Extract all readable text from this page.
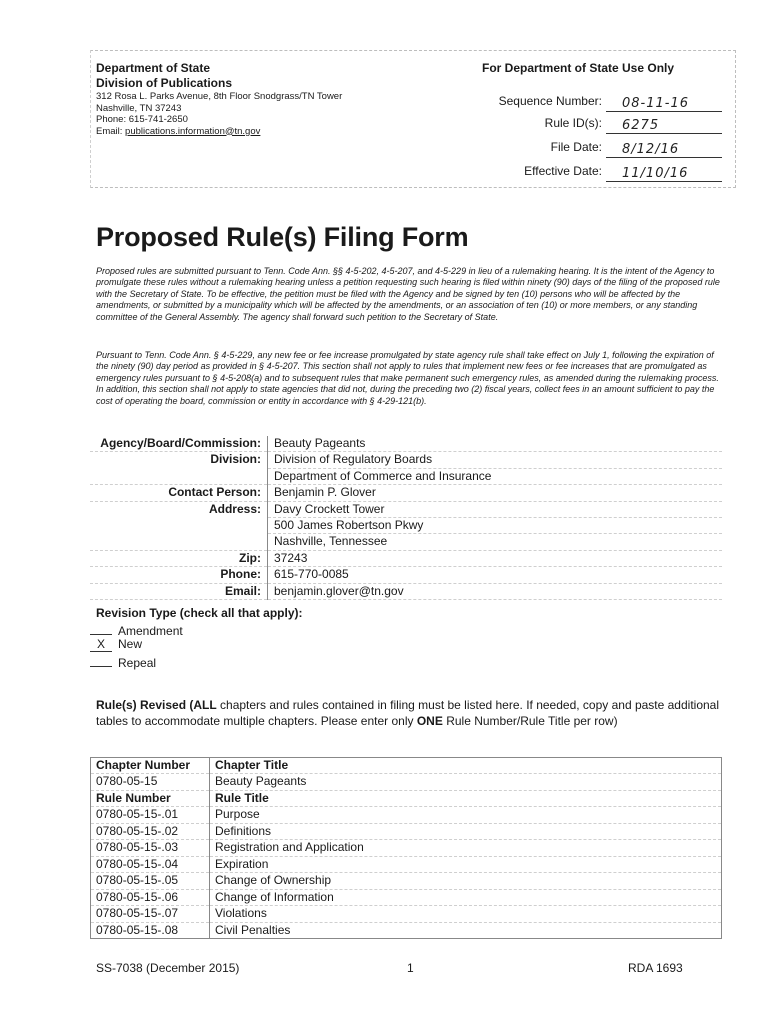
Department of State
Division of Publications
312 Rosa L. Parks Avenue, 8th Floor Snodgrass/TN Tower
Nashville, TN 37243
Phone: 615-741-2650
Email: publications.information@tn.gov
For Department of State Use Only
Sequence Number: 08-11-16
Rule ID(s): 6275
File Date: 8/12/16
Effective Date: 11/10/16
Proposed Rule(s) Filing Form
Proposed rules are submitted pursuant to Tenn. Code Ann. §§ 4-5-202, 4-5-207, and 4-5-229 in lieu of a rulemaking hearing. It is the intent of the Agency to promulgate these rules without a rulemaking hearing unless a petition requesting such hearing is filed within ninety (90) days of the filing of the proposed rule with the Secretary of State. To be effective, the petition must be filed with the Agency and be signed by ten (10) persons who will be affected by the amendments, or submitted by a municipality which will be affected by the amendments, or an association of ten (10) or more members, or any standing committee of the General Assembly. The agency shall forward such petition to the Secretary of State.
Pursuant to Tenn. Code Ann. § 4-5-229, any new fee or fee increase promulgated by state agency rule shall take effect on July 1, following the expiration of the ninety (90) day period as provided in § 4-5-207. This section shall not apply to rules that implement new fees or fee increases that are promulgated as emergency rules pursuant to § 4-5-208(a) and to subsequent rules that make permanent such emergency rules, as amended during the rulemaking process. In addition, this section shall not apply to state agencies that did not, during the preceding two (2) fiscal years, collect fees in an amount sufficient to pay the cost of operating the board, commission or entity in accordance with § 4-29-121(b).
Agency/Board/Commission:	Beauty Pageants
Division:	Division of Regulatory Boards
	Department of Commerce and Insurance
Contact Person:	Benjamin P. Glover
Address:	Davy Crockett Tower
	500 James Robertson Pkwy
	Nashville, Tennessee
Zip:	37243
Phone:	615-770-0085
Email:	benjamin.glover@tn.gov
Revision Type (check all that apply):
Amendment
X New
Repeal
Rule(s) Revised (ALL chapters and rules contained in filing must be listed here. If needed, copy and paste additional tables to accommodate multiple chapters. Please enter only ONE Rule Number/Rule Title per row)
Chapter Number	Chapter Title
0780-05-15	Beauty Pageants
Rule Number	Rule Title
0780-05-15-.01	Purpose
0780-05-15-.02	Definitions
0780-05-15-.03	Registration and Application
0780-05-15-.04	Expiration
0780-05-15-.05	Change of Ownership
0780-05-15-.06	Change of Information
0780-05-15-.07	Violations
0780-05-15-.08	Civil Penalties
SS-7038 (December 2015)	1	RDA 1693
